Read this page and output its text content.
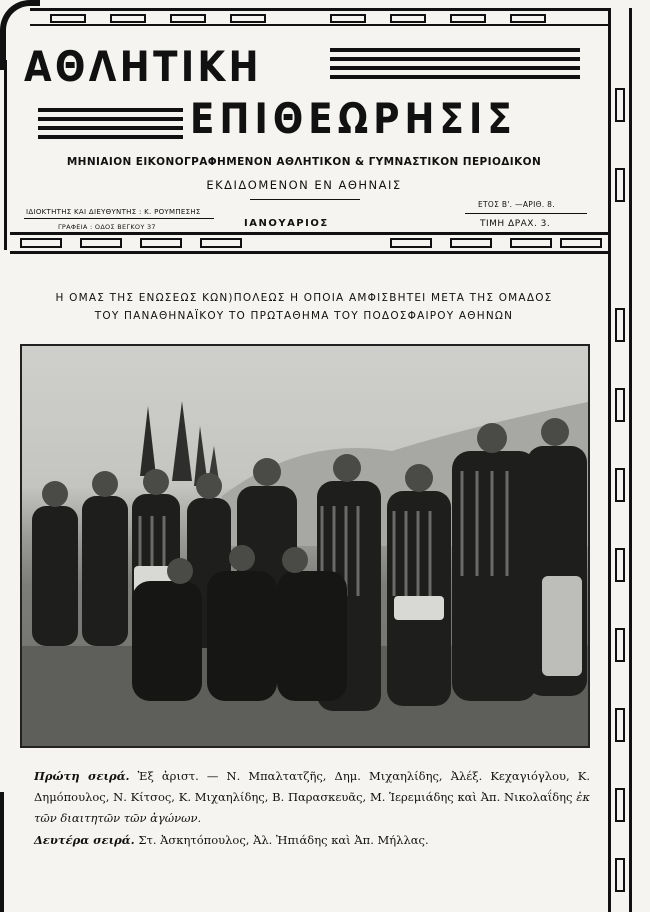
ΑΘΛΗΤΙΚΗ
ΕΠΙΘΕΩΡΗΣΙΣ
ΜΗΝΙΑΙΟΝ ΕΙΚΟΝΟΓΡΑΦΗΜΕΝΟΝ ΑΘΛΗΤΙΚΟΝ & ΓΥΜΝΑΣΤΙΚΟΝ ΠΕΡΙΟΔΙΚΟΝ
ΕΚΔΙΔΟΜΕΝΟΝ ΕΝ ΑΘΗΝΑΙΣ
ΙΔΙΟΚΤΗΤΗΣ ΚΑΙ ΔΙΕΥΘΥΝΤΗΣ : Κ. ΡΟΥΜΠΕΣΗΣ
ΓΡΑΦΕΙΑ : ΟΔΟΣ ΒΕΓΚΟΥ 37	ΙΑΝΟΥΑΡΙΟΣ
ΕΤΟΣ Β'. —ΑΡΙΘ. 8.
ΤΙΜΗ ΔΡΑΧ. 3.
Η ΟΜΑΣ ΤΗΣ ΕΝΩΣΕΩΣ ΚΩΝ)ΠΟΛΕΩΣ Η ΟΠΟΙΑ ΑΜΦΙΣΒΗΤΕΙ ΜΕΤΑ ΤΗΣ ΟΜΑΔΟΣ
ΤΟΥ ΠΑΝΑΘΗΝΑΪΚΟΥ ΤΟ ΠΡΩΤΑΘΗΜΑ ΤΟΥ ΠΟΔΟΣΦΑΙΡΟΥ ΑΘΗΝΩΝ
Πρώτη σειρά. Ἐξ ἀριστ. — Ν. Μπαλτατζῆς, Δημ. Μιχαηλίδης, Ἀλέξ. Κεχαγιόγλου, Κ. Δημόπουλος, Ν. Κίτσος, Κ. Μιχαηλίδης, Β. Παρασκευᾶς, Μ. Ἱερεμιάδης καὶ Ἀπ. Νικολαΐδης ἐκ τῶν διαιτητῶν τῶν ἀγώνων.
Δευτέρα σειρά. Στ. Ἀσκητόπουλος, Ἀλ. Ἠπιάδης καὶ Ἀπ. Μήλλας.
